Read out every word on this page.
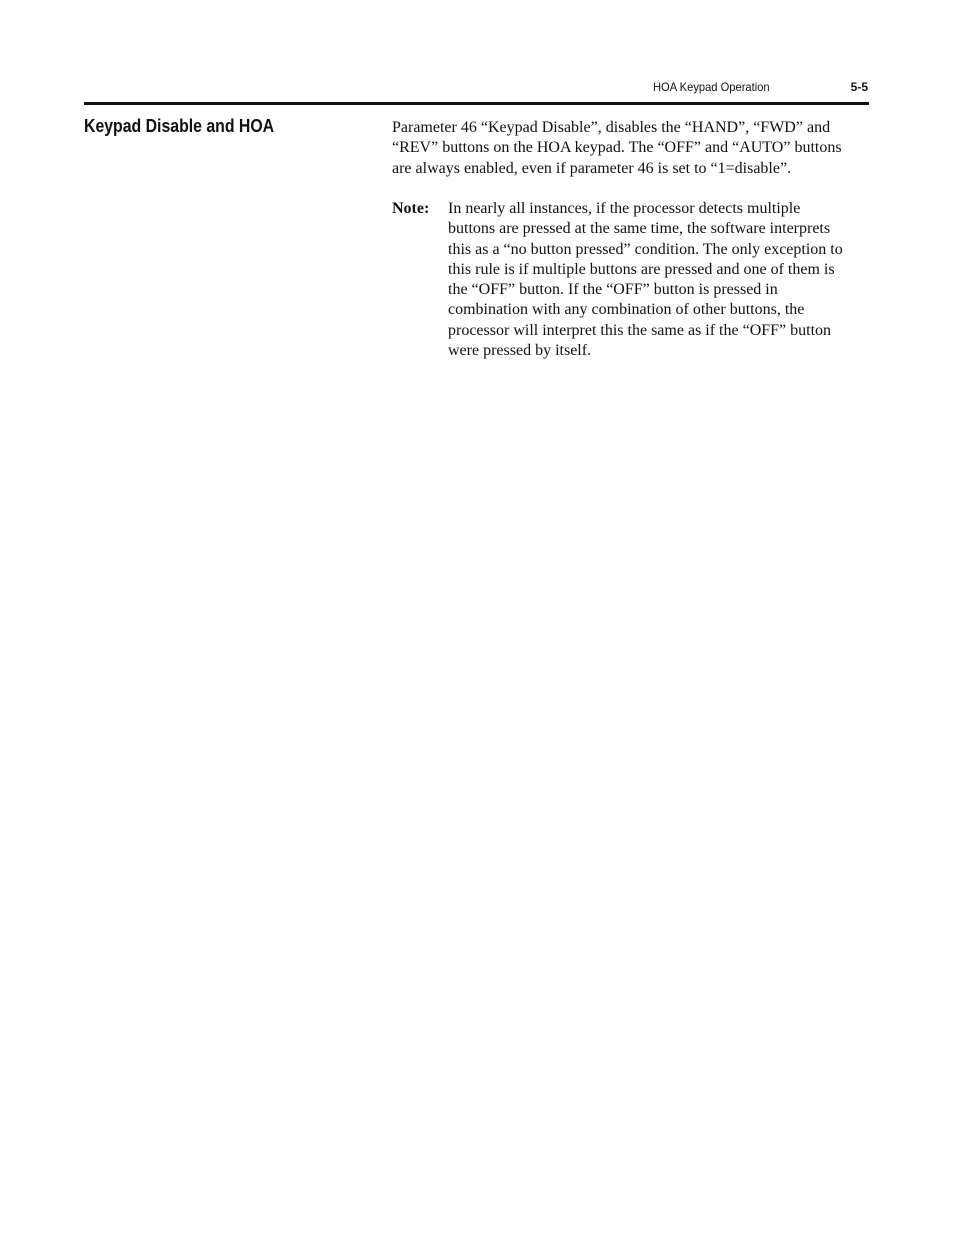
HOA Keypad Operation	5-5
Keypad Disable and HOA	Parameter 46 “Keypad Disable”, disables the “HAND”, “FWD” and
“REV” buttons on the HOA keypad. The “OFF” and “AUTO” buttons
are always enabled, even if parameter 46 is set to “1=disable”.
Note: In nearly all instances, if the processor detects multiple
buttons are pressed at the same time, the software interprets
this as a “no button pressed” condition. The only exception to
this rule is if multiple buttons are pressed and one of them is
the “OFF” button. If the “OFF” button is pressed in
combination with any combination of other buttons, the
processor will interpret this the same as if the “OFF” button
were pressed by itself.
